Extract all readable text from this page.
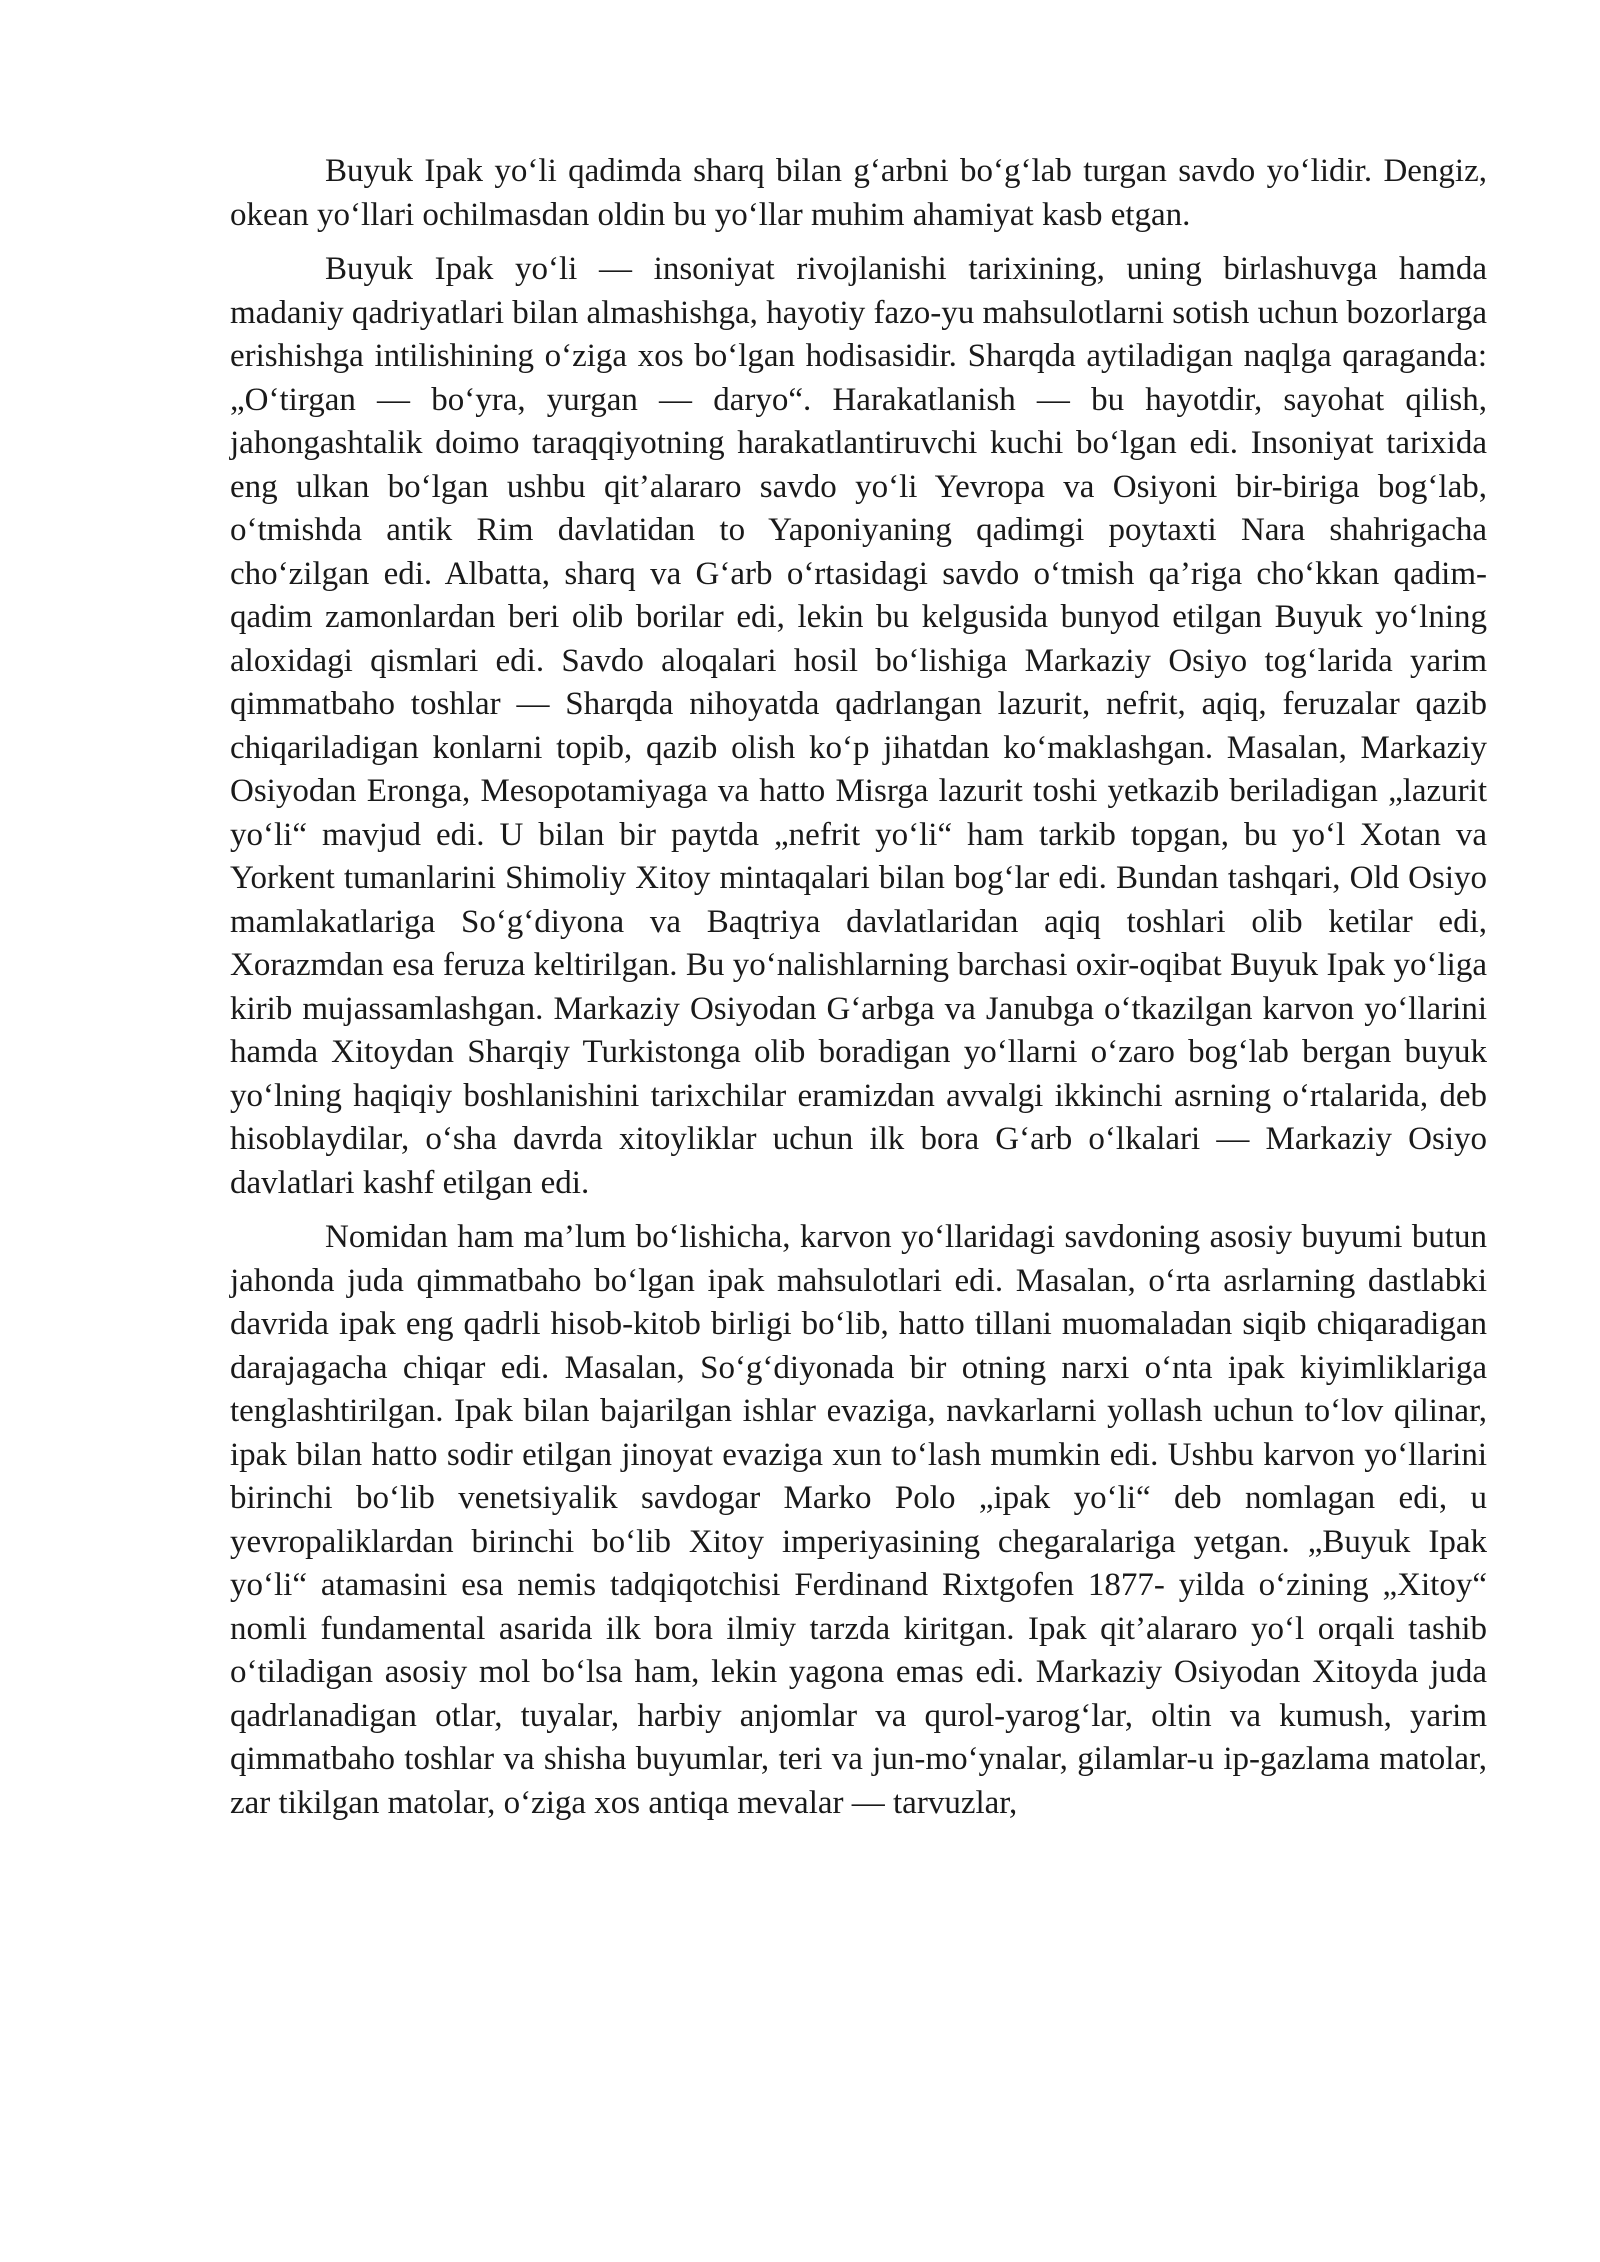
Buyuk Ipak yo‘li qadimda sharq bilan g‘arbni bo‘g‘lab turgan savdo yo‘lidir. Dengiz, okean yo‘llari ochilmasdan oldin bu yo‘llar muhim ahamiyat kasb etgan.

Buyuk Ipak yo‘li — insoniyat rivojlanishi tarixining, uning birlashuvga hamda madaniy qadriyatlari bilan almashishga, hayotiy fazo-yu mahsulotlarni sotish uchun bozorlarga erishishga intilishining o‘ziga xos bo‘lgan hodisasidir. Sharqda aytiladigan naqlga qaraganda: „O‘tirgan — bo‘yra, yurgan — daryo“. Harakatlanish — bu hayotdir, sayohat qilish, jahongashtalik doimo taraqqiyotning harakatlantiruvchi kuchi bo‘lgan edi. Insoniyat tarixida eng ulkan bo‘lgan ushbu qit’alararo savdo yo‘li Yevropa va Osiyoni bir-biriga bog‘lab, o‘tmishda antik Rim davlatidan to Yaponiyaning qadimgi poytaxti Nara shahrigacha cho‘zilgan edi. Albatta, sharq va G‘arb o‘rtasidagi savdo o‘tmish qa’riga cho‘kkan qadim-qadim zamonlardan beri olib borilar edi, lekin bu kelgusida bunyod etilgan Buyuk yo‘lning aloxidagi qismlari edi. Savdo aloqalari hosil bo‘lishiga Markaziy Osiyo tog‘larida yarim qimmatbaho toshlar — Sharqda nihoyatda qadrlangan lazurit, nefrit, aqiq, feruzalar qazib chiqariladigan konlarni topib, qazib olish ko‘p jihatdan ko‘maklashgan. Masalan, Markaziy Osiyodan Eronga, Mesopotamiyaga va hatto Misrga lazurit toshi yetkazib beriladigan „lazurit yo‘li“ mavjud edi. U bilan bir paytda „nefrit yo‘li“ ham tarkib topgan, bu yo‘l Xotan va Yorkent tumanlarini Shimoliy Xitoy mintaqalari bilan bog‘lar edi. Bundan tashqari, Old Osiyo mamlakatlariga So‘g‘diyona va Baqtriya davlatlaridan aqiq toshlari olib ketilar edi, Xorazmdan esa feruza keltirilgan. Bu yo‘nalishlarning barchasi oxir-oqibat Buyuk Ipak yo‘liga kirib mujassamlashgan. Markaziy Osiyodan G‘arbga va Janubga o‘tkazilgan karvon yo‘llarini hamda Xitoydan Sharqiy Turkistonga olib boradigan yo‘llarni o‘zaro bog‘lab bergan buyuk yo‘lning haqiqiy boshlanishini tarixchilar eramizdan avvalgi ikkinchi asrning o‘rtalarida, deb hisoblaydilar, o‘sha davrda xitoyliklar uchun ilk bora G‘arb o‘lkalari — Markaziy Osiyo davlatlari kashf etilgan edi.

Nomidan ham ma’lum bo‘lishicha, karvon yo‘llaridagi savdoning asosiy buyumi butun jahonda juda qimmatbaho bo‘lgan ipak mahsulotlari edi. Masalan, o‘rta asrlarning dastlabki davrida ipak eng qadrli hisob-kitob birligi bo‘lib, hatto tillani muomaladan siqib chiqaradigan darajagacha chiqar edi. Masalan, So‘g‘diyonada bir otning narxi o‘nta ipak kiyimliklariga tenglashtirilgan. Ipak bilan bajarilgan ishlar evaziga, navkarlarni yollash uchun to‘lov qilinar, ipak bilan hatto sodir etilgan jinoyat evaziga xun to‘lash mumkin edi. Ushbu karvon yo‘llarini birinchi bo‘lib venetsiyalik savdogar Marko Polo „ipak yo‘li“ deb nomlagan edi, u yevropaliklardan birinchi bo‘lib Xitoy imperiyasining chegaralariga yetgan. „Buyuk Ipak yo‘li“ atamasini esa nemis tadqiqotchisi Ferdinand Rixtgofen 1877- yilda o‘zining „Xitoy“ nomli fundamental asarida ilk bora ilmiy tarzda kiritgan. Ipak qit’alararo yo‘l orqali tashib o‘tiladigan asosiy mol bo‘lsa ham, lekin yagona emas edi. Markaziy Osiyodan Xitoyda juda qadrlanadigan otlar, tuyalar, harbiy anjomlar va qurol-yarog‘lar, oltin va kumush, yarim qimmatbaho toshlar va shisha buyumlar, teri va jun-mo‘ynalar, gilamlar-u ip-gazlama matolar, zar tikilgan matolar, o‘ziga xos antiqa mevalar — tarvuzlar,
